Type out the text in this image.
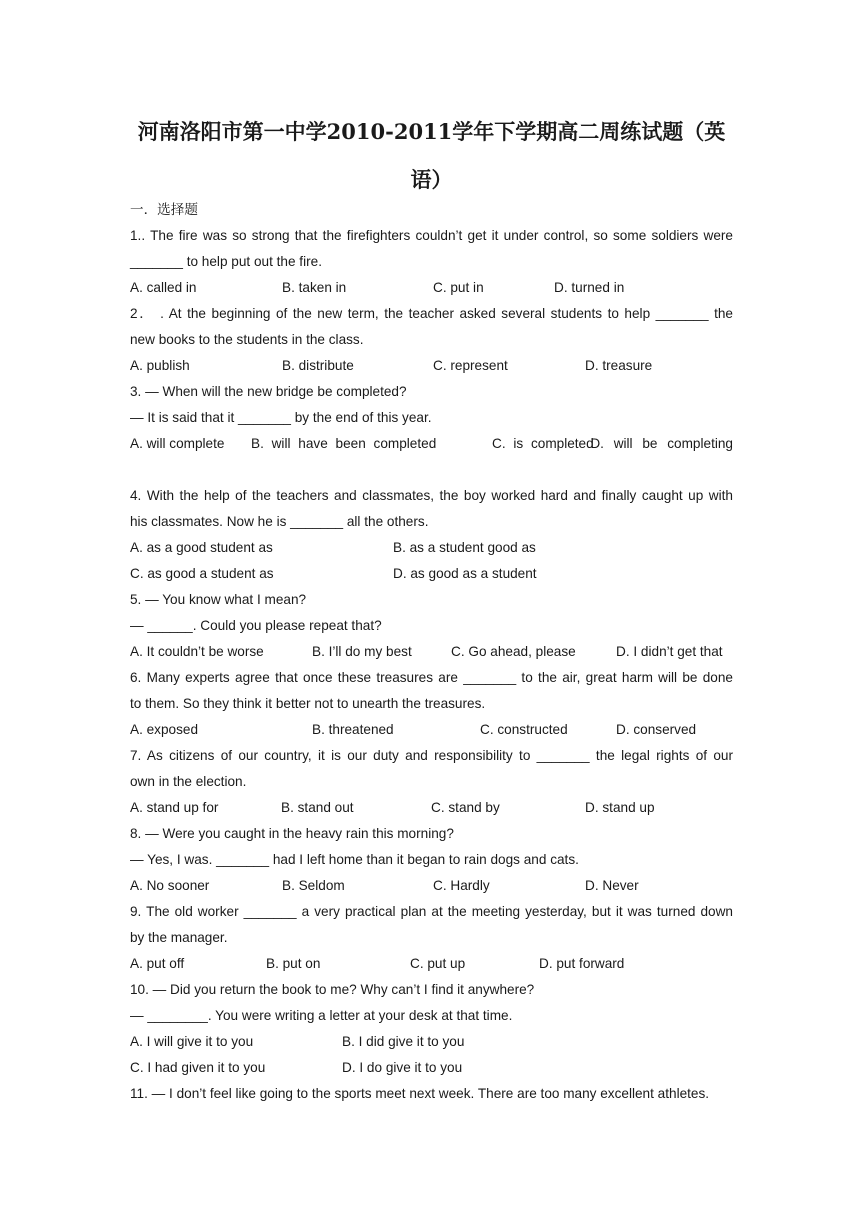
河南洛阳市第一中学2010-2011学年下学期高二周练试题（英语）
一．选择题
1.. The fire was so strong that the firefighters couldn’t get it under control, so some soldiers were
_______ to help put out the fire.
A. called in	B. taken in	C. put in	D. turned in
2． . At the beginning of the new term, the teacher asked several students to help _______ the
new books to the students in the class.
A. publish	B. distribute	C. represent	D. treasure
3. — When will the new bridge be completed?
— It is said that it _______ by the end of this year.
A. will complete B. will have been completed	C. is completed
D. will be completing
4. With the help of the teachers and classmates, the boy worked hard and finally caught up with
his classmates. Now he is _______ all the others.
A. as a good student as	B. as a student good as
C. as good a student as	D. as good as a student
5. — You know what I mean?
— ______. Could you please repeat that?
A. It couldn’t be worse	B. I’ll do my best	C. Go ahead, please	D. I didn’t get that
6. Many experts agree that once these treasures are _______ to the air, great harm will be done
to them. So they think it better not to unearth the treasures.
A. exposed	B. threatened	C. constructed	D. conserved
7. As citizens of our country, it is our duty and responsibility to _______ the legal rights of our
own in the election.
A. stand up for	B. stand out	C. stand by	D. stand up
8. — Were you caught in the heavy rain this morning?
— Yes, I was. _______ had I left home than it began to rain dogs and cats.
A. No sooner	B. Seldom	C. Hardly	D. Never
9. The old worker _______ a very practical plan at the meeting yesterday, but it was turned down
by the manager.
A. put off	B. put on	C. put up	D. put forward
10. — Did you return the book to me? Why can’t I find it anywhere?
— ________. You were writing a letter at your desk at that time.
A. I will give it to you	B. I did give it to you
C. I had given it to you	D. I do give it to you
11. — I don’t feel like going to the sports meet next week. There are too many excellent athletes.
